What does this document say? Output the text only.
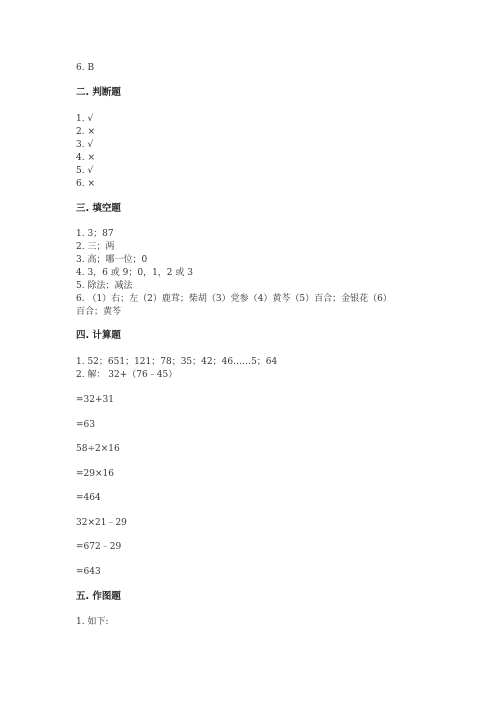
6. B
二. 判断题
1. √
2. ×
3. √
4. ×
5. √
6. ×
三. 填空题
1. 3；87
2. 三；两
3. 高；哪一位；0
4. 3，6 或 9；0，1，2 或 3
5. 除法；减法
6. （1）右；左（2）鹿茸；柴胡（3）党参（4）黄芩（5）百合；金银花（6）
百合；黄芩
四. 计算题
1. 52；651；121；78；35；42；46……5；64
2. 解： 32+（76﹣45）
=32+31
=63
58÷2×16
=29×16
=464
32×21﹣29
=672﹣29
=643
五. 作图题
1. 如下:
